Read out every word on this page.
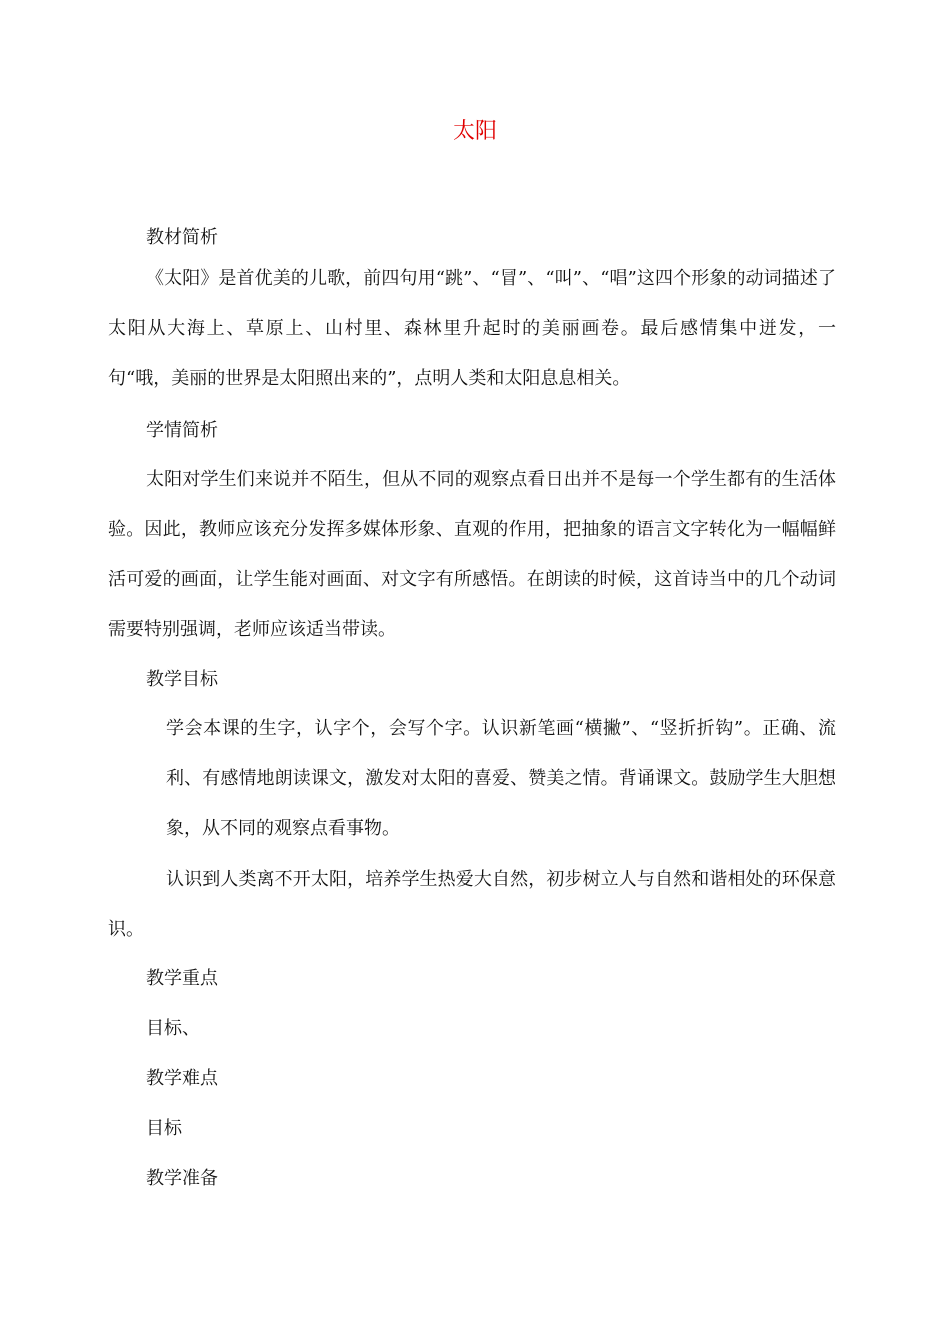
太阳
教材简析
《太阳》是首优美的儿歌，前四句用“跳”、“冒”、“叫”、“唱”这四个形象的动词描述了太阳从大海上、草原上、山村里、森林里升起时的美丽画卷。最后感情集中迸发，一句“哦，美丽的世界是太阳照出来的”，点明人类和太阳息息相关。
学情简析
太阳对学生们来说并不陌生，但从不同的观察点看日出并不是每一个学生都有的生活体验。因此，教师应该充分发挥多媒体形象、直观的作用，把抽象的语言文字转化为一幅幅鲜活可爱的画面，让学生能对画面、对文字有所感悟。在朗读的时候，这首诗当中的几个动词需要特别强调，老师应该适当带读。
教学目标
学会本课的生字，认字个，会写个字。认识新笔画“横撇”、“竖折折钩”。正确、流利、有感情地朗读课文，激发对太阳的喜爱、赞美之情。背诵课文。鼓励学生大胆想象，从不同的观察点看事物。
认识到人类离不开太阳，培养学生热爱大自然，初步树立人与自然和谐相处的环保意识。
教学重点
目标、
教学难点
目标
教学准备
